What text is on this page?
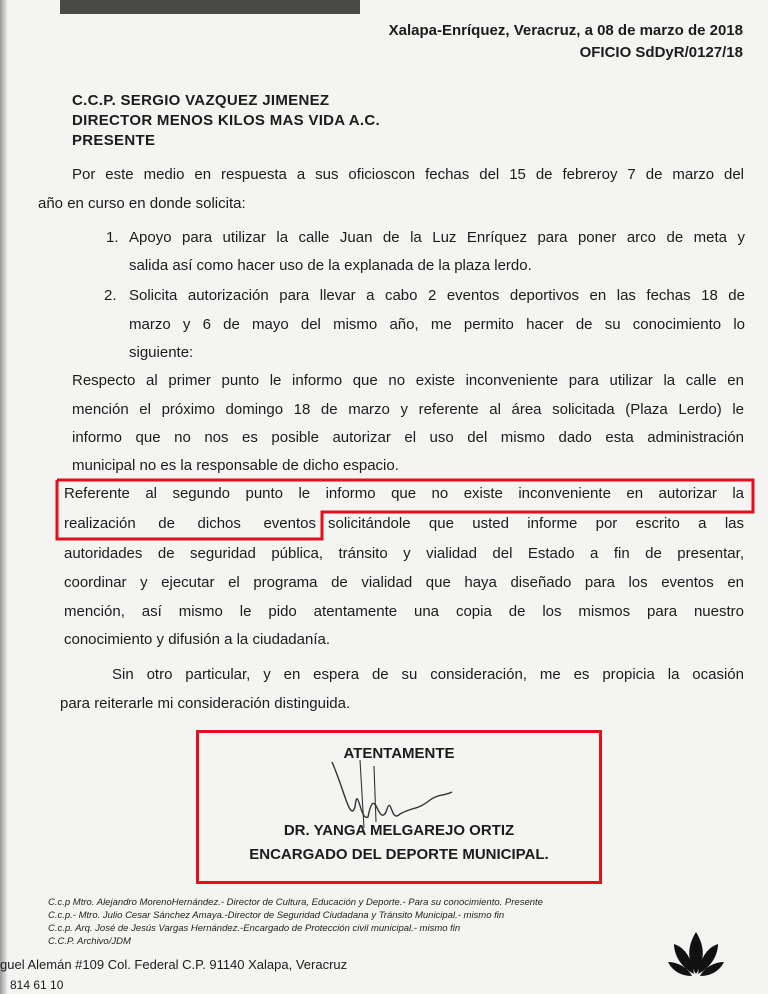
Xalapa-Enríquez, Veracruz, a 08 de marzo de 2018
OFICIO SdDyR/0127/18
C.C.P. SERGIO VAZQUEZ JIMENEZ
DIRECTOR MENOS KILOS MAS VIDA A.C.
PRESENTE
Por este medio en respuesta a sus oficioscon fechas del 15 de febreroy 7 de marzo del
año en curso en donde solicita:
1. Apoyo para utilizar la calle Juan de la Luz Enríquez para poner arco de meta y
salida así como hacer uso de la explanada de la plaza lerdo.
2. Solicita autorización para llevar a cabo 2 eventos deportivos en las fechas 18 de
marzo y 6 de mayo del mismo año, me permito hacer de su conocimiento lo
siguiente:
Respecto al primer punto le informo que no existe inconveniente para utilizar la calle en
mención el próximo domingo 18 de marzo y referente al área solicitada (Plaza Lerdo) le
informo que no nos es posible autorizar el uso del mismo dado esta administración
municipal no es la responsable de dicho espacio.
Referente al segundo punto le informo que no existe inconveniente en autorizar la
realización de dichos eventos solicitándole que usted informe por escrito a las
autoridades de seguridad pública, tránsito y vialidad del Estado a fin de presentar,
coordinar y ejecutar el programa de vialidad que haya diseñado para los eventos en
mención, así mismo le pido atentamente una copia de los mismos para nuestro
conocimiento y difusión a la ciudadanía.
Sin otro particular, y en espera de su consideración, me es propicia la ocasión
para reiterarle mi consideración distinguida.
ATENTAMENTE
DR. YANGA MELGAREJO ORTIZ
ENCARGADO DEL DEPORTE MUNICIPAL.
C.c.p Mtro. Alejandro MorenoHernández.- Director de Cultura, Educación y Deporte.- Para su conocimiento. Presente
C.c.p.- Mtro. Julio Cesar Sánchez Amaya.-Director de Seguridad Ciudadana y Tránsito Municipal.- mismo fin
C.c.p. Arq. José de Jesús Vargas Hernández.-Encargado de Protección civil municipal.- mismo fin
C.C.P. Archivo/JDM
guel Alemán #109 Col. Federal C.P. 91140 Xalapa, Veracruz
814 61 10
